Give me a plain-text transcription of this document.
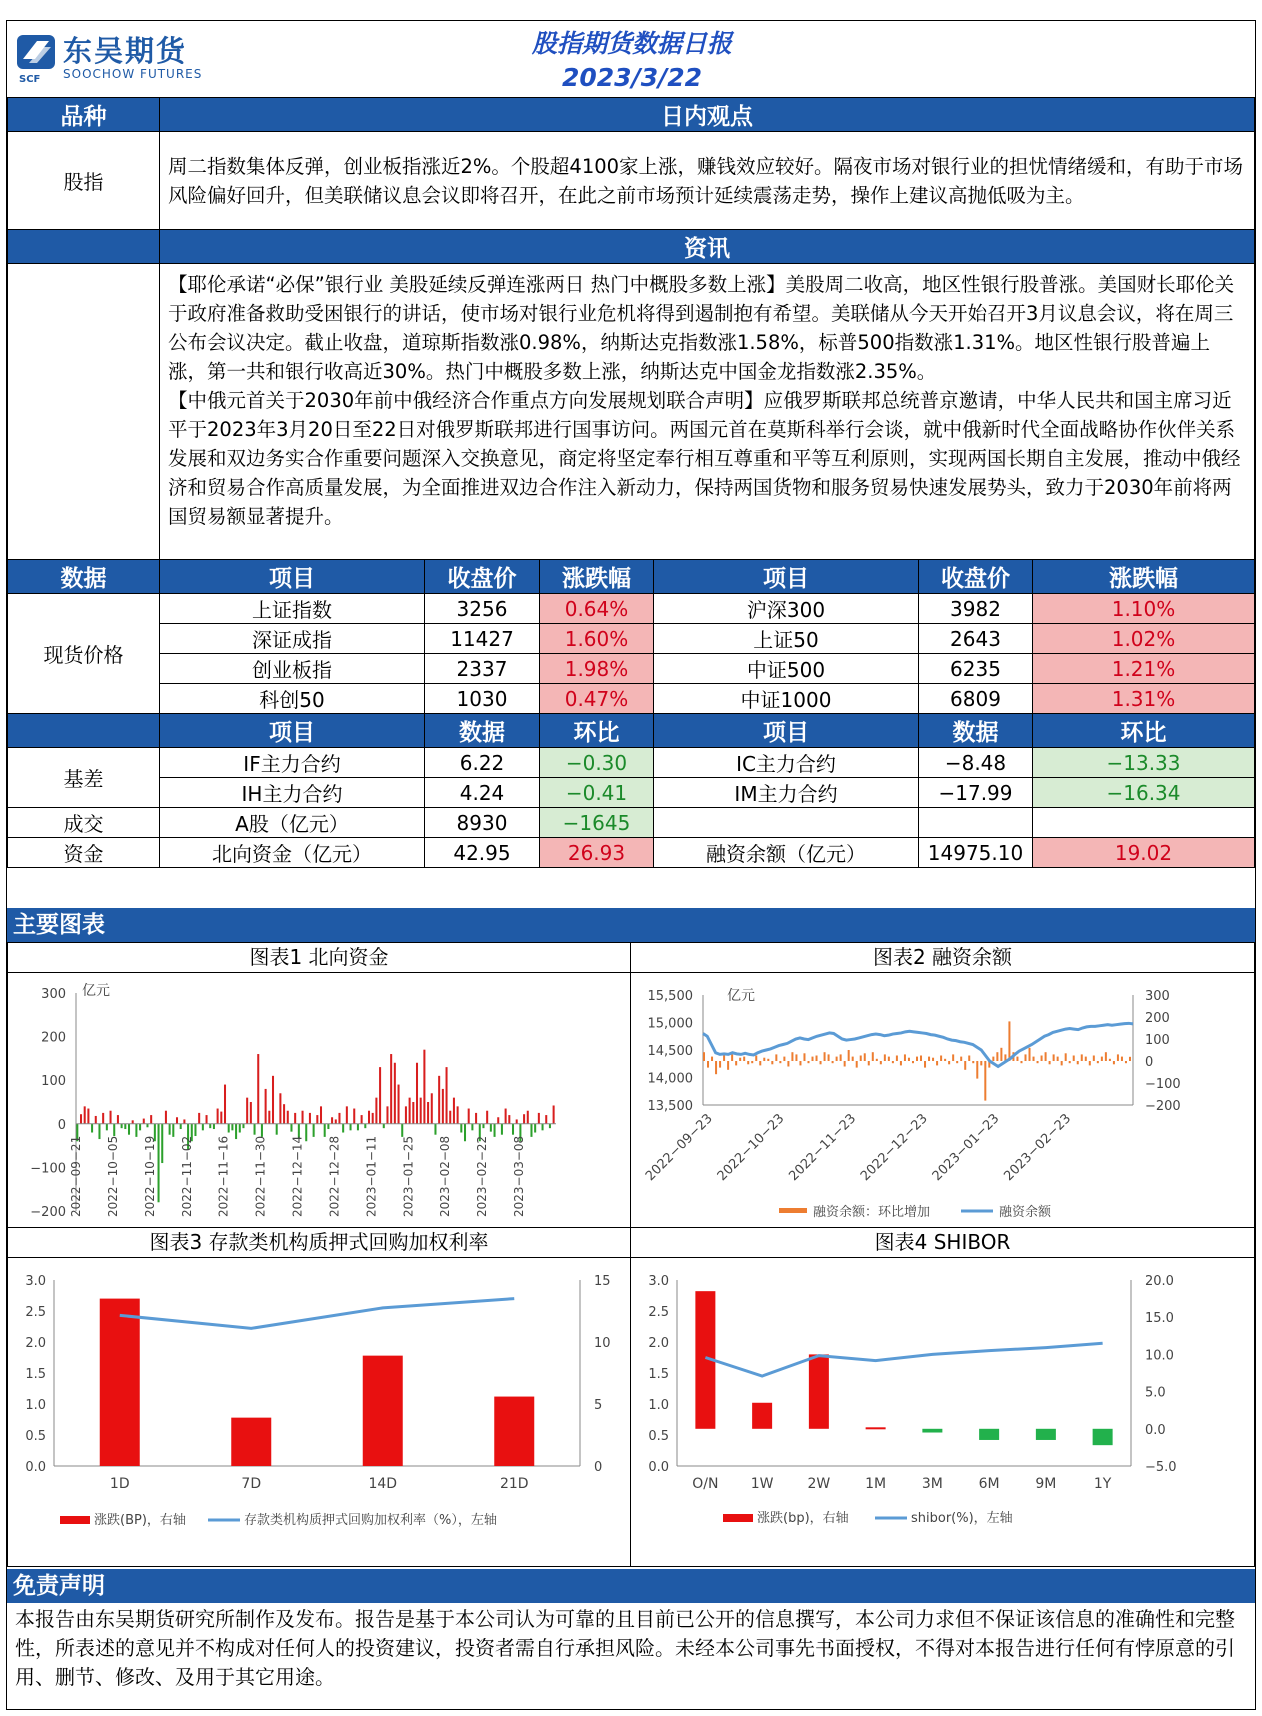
SCF
东吴期货
SOOCHOW FUTURES
股指期货数据日报
2023/3/22
品种	日内观点
股指	周二指数集体反弹，创业板指涨近2%。个股超4100家上涨，赚钱效应较好。隔夜市场对银行业的担忧情绪缓和，有助于市场风险偏好回升，但美联储议息会议即将召开，在此之前市场预计延续震荡走势，操作上建议高抛低吸为主。
	资讯

	【耶伦承诺“必保”银行业 美股延续反弹连涨两日 热门中概股多数上涨】美股周二收高，地区性银行股普涨。美国财长耶伦关于政府准备救助受困银行的讲话，使市场对银行业危机将得到遏制抱有希望。美联储从今天开始召开3月议息会议，将在周三公布会议决定。截止收盘，道琼斯指数涨0.98%，纳斯达克指数涨1.58%，标普500指数涨1.31%。地区性银行股普遍上涨，第一共和银行收高近30%。热门中概股多数上涨，纳斯达克中国金龙指数涨2.35%。
【中俄元首关于2030年前中俄经济合作重点方向发展规划联合声明】应俄罗斯联邦总统普京邀请，中华人民共和国主席习近平于2023年3月20日至22日对俄罗斯联邦进行国事访问。两国元首在莫斯科举行会谈，就中俄新时代全面战略协作伙伴关系发展和双边务实合作重要问题深入交换意见，商定将坚定奉行相互尊重和平等互利原则，实现两国长期自主发展，推动中俄经济和贸易合作高质量发展，为全面推进双边合作注入新动力，保持两国货物和服务贸易快速发展势头，致力于2030年前将两国贸易额显著提升。
数据	项目	收盘价	涨跌幅	项目	收盘价	涨跌幅
现货价格	上证指数	3256	0.64%	沪深300	3982	1.10%
	深证成指	11427	1.60%	上证50	2643	1.02%
	创业板指	2337	1.98%	中证500	6235	1.21%
	科创50	1030	0.47%	中证1000	6809	1.31%
	项目	数据	环比	项目	数据	环比
基差	IF主力合约	6.22	−0.30	IC主力合约	−8.48	−13.33
	IH主力合约	4.24	−0.41	IM主力合约	−17.99	−16.34
成交	A股（亿元）	8930	−1645			
资金	北向资金（亿元）	42.95	26.93	融资余额（亿元）	14975.10	19.02
主要图表
图表1 北向资金
300
200
100
0
−100
−200
亿元
2022−09−21 2022−10−05 2022−10−19 2022−11−02 2022−11−16 2022−11−30 2022−12−14 2022−12−28 2023−01−11 2023−01−25 2023−02−08 2023−02−22 2023−03−08
图表2 融资余额
15,500
15,000
14,500
14,000
13,500
300
200
100
0
−100
−200
亿元
2022−09−23
2022−10−23
2022−11−23
2022−12−23
2023−01−23
2023−02−23
融资余额：环比增加	融资余额
图表3 存款类机构质押式回购加权利率
3.0
2.5
2.0
1.5
1.0
0.5
0.0
15
10
5
0
1D	7D	14D	21D
涨跌(BP)，右轴	存款类机构质押式回购加权利率（%），左轴
图表4 SHIBOR
3.0
2.5
2.0
1.5
1.0
0.5
0.0
20.0
15.0
10.0
5.0
0.0
−5.0
O/N 1W 2W 1M	3M	6M	9M	1Y
涨跌(bp)，右轴	shibor(%)，左轴
免责声明
本报告由东吴期货研究所制作及发布。报告是基于本公司认为可靠的且目前已公开的信息撰写，本公司力求但不保证该信息的准确性和完整性，所表述的意见并不构成对任何人的投资建议，投资者需自行承担风险。未经本公司事先书面授权，不得对本报告进行任何有悖原意的引用、删节、修改、及用于其它用途。
